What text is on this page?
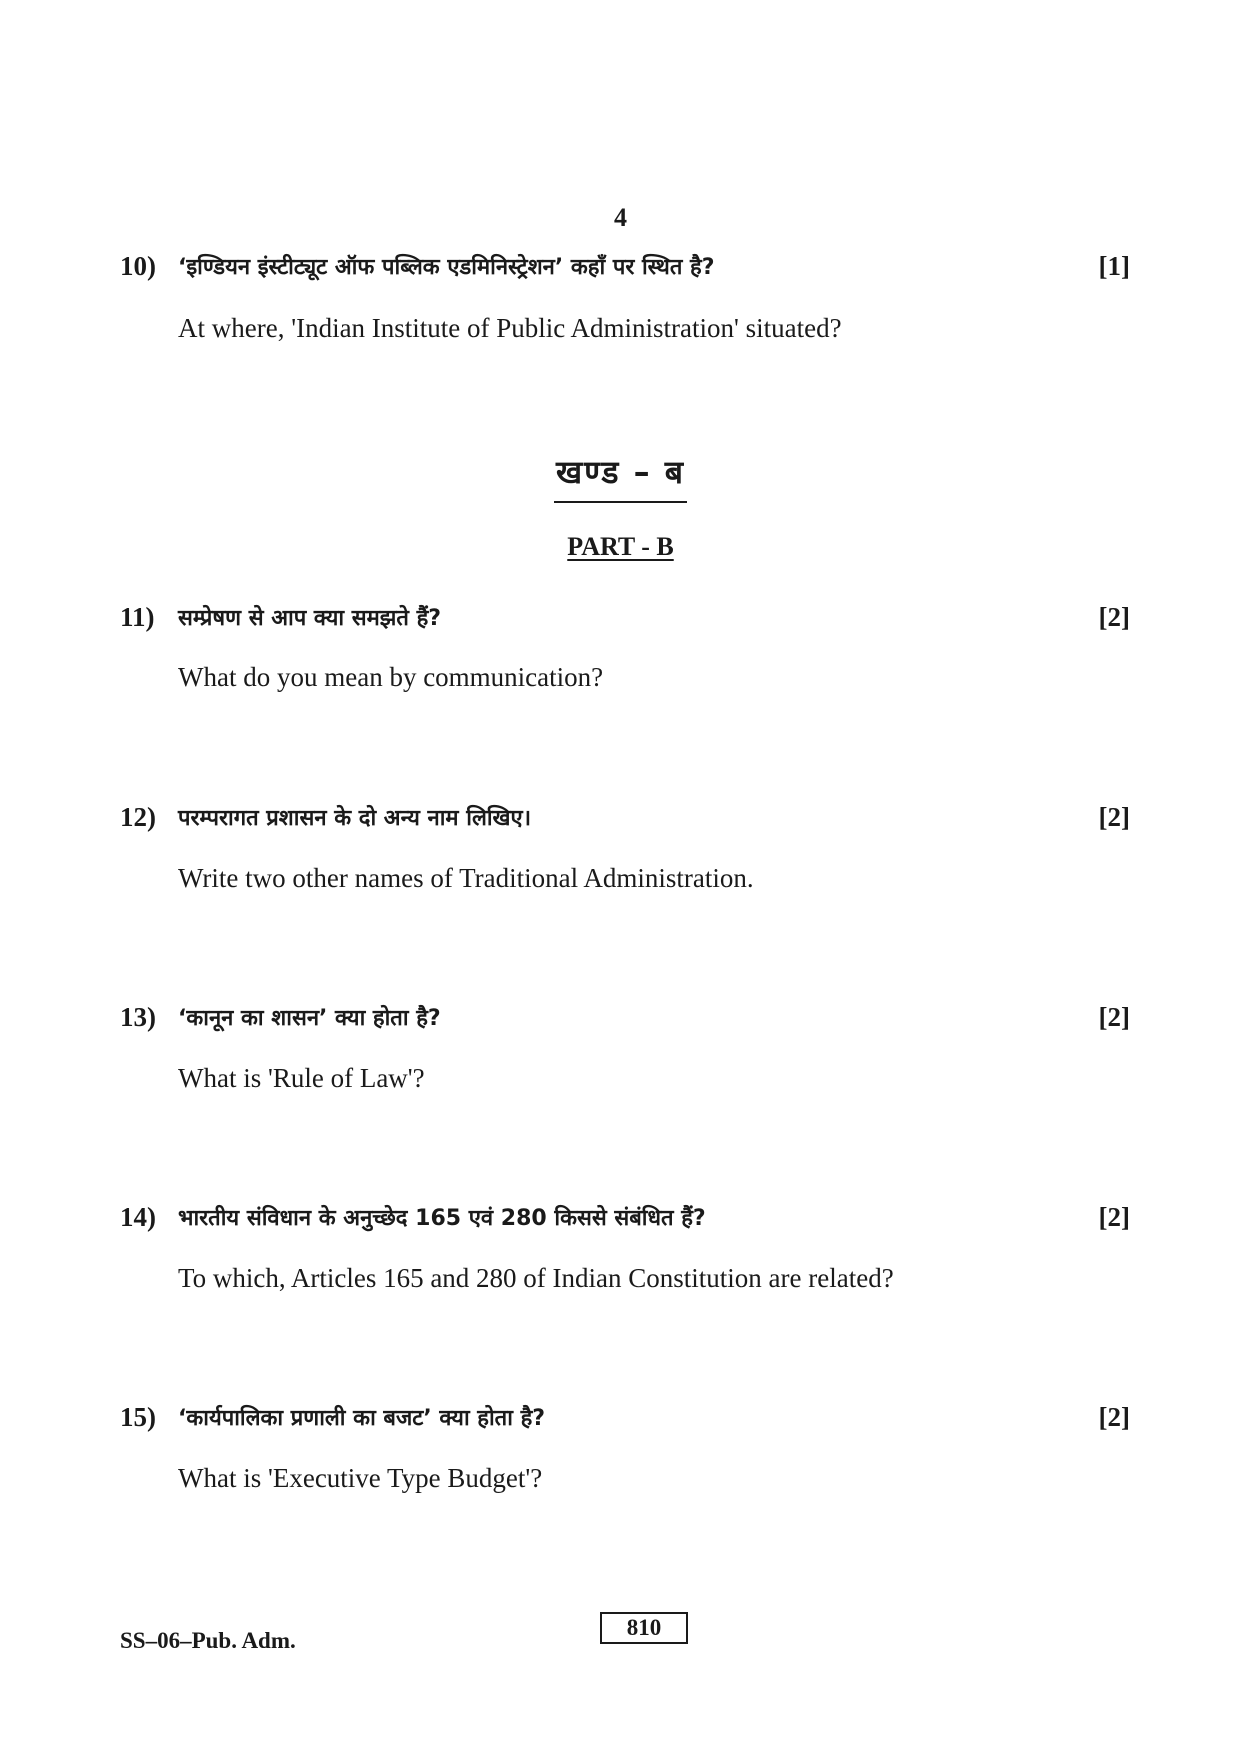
4
10)	‘इण्डियन इंस्टीट्यूट ऑफ पब्लिक एडमिनिस्ट्रेशन’ कहाँ पर स्थित है?	[1]
At where, 'Indian Institute of Public Administration' situated?
खण्ड – ब
PART - B
11)	सम्प्रेषण से आप क्या समझते हैं?	[2]
What do you mean by communication?
12)	परम्परागत प्रशासन के दो अन्य नाम लिखिए।	[2]
Write two other names of Traditional Administration.
13)	‘कानून का शासन’ क्या होता है?	[2]
What is 'Rule of Law'?
14)	भारतीय संविधान के अनुच्छेद 165 एवं 280 किससे संबंधित हैं?	[2]
To which, Articles 165 and 280 of Indian Constitution are related?
15)	‘कार्यपालिका प्रणाली का बजट’ क्या होता है?	[2]
What is 'Executive Type Budget'?
SS–06–Pub. Adm.
810
